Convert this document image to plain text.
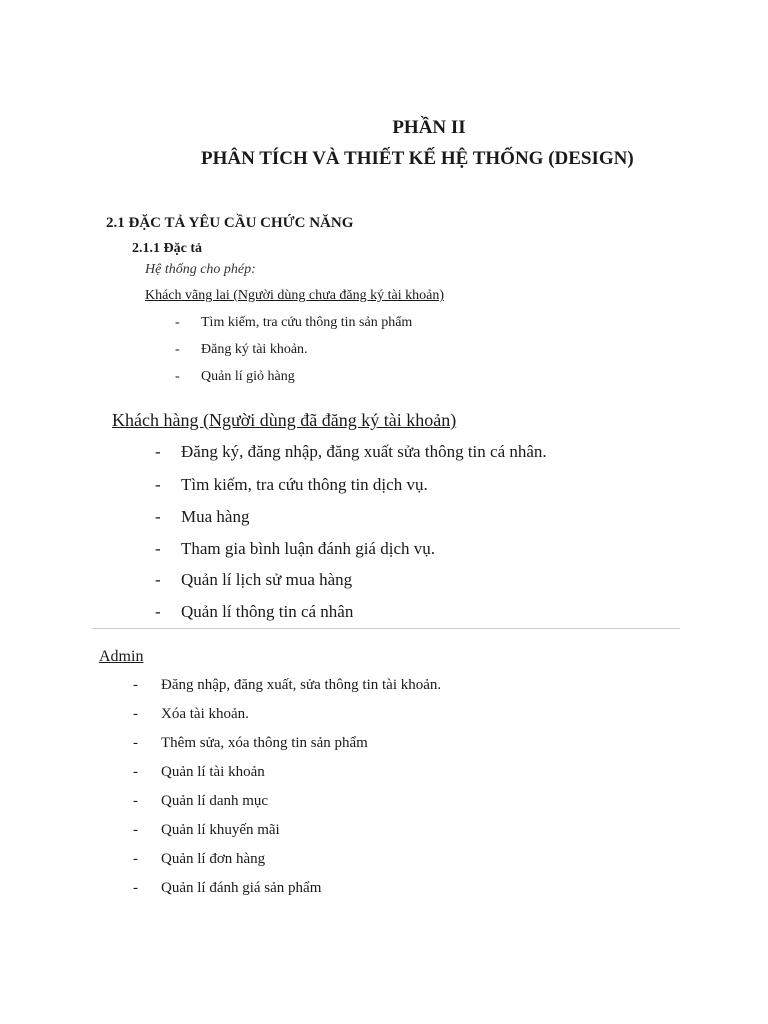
PHẦN II
PHÂN TÍCH VÀ THIẾT KẾ HỆ THỐNG (DESIGN)
2.1 ĐẶC TẢ YÊU CẦU CHỨC NĂNG
2.1.1 Đặc tả
Hệ thống cho phép:
Khách vãng lai (Người dùng chưa đăng ký tài khoản)
- Tìm kiếm, tra cứu thông tin sản phẩm
- Đăng ký tài khoản.
- Quản lí giỏ hàng
Khách hàng (Người dùng đã đăng ký tài khoản)
- Đăng ký, đăng nhập, đăng xuất sửa thông tin cá nhân.
- Tìm kiếm, tra cứu thông tin dịch vụ.
- Mua hàng
- Tham gia bình luận đánh giá dịch vụ.
- Quản lí lịch sử mua hàng
- Quản lí thông tin cá nhân
Admin
- Đăng nhập, đăng xuất, sửa thông tin tài khoản.
- Xóa tài khoản.
- Thêm sửa, xóa thông tin sản phẩm
- Quản lí tài khoản
- Quản lí danh mục
- Quản lí khuyến mãi
- Quản lí đơn hàng
- Quản lí đánh giá sản phẩm
